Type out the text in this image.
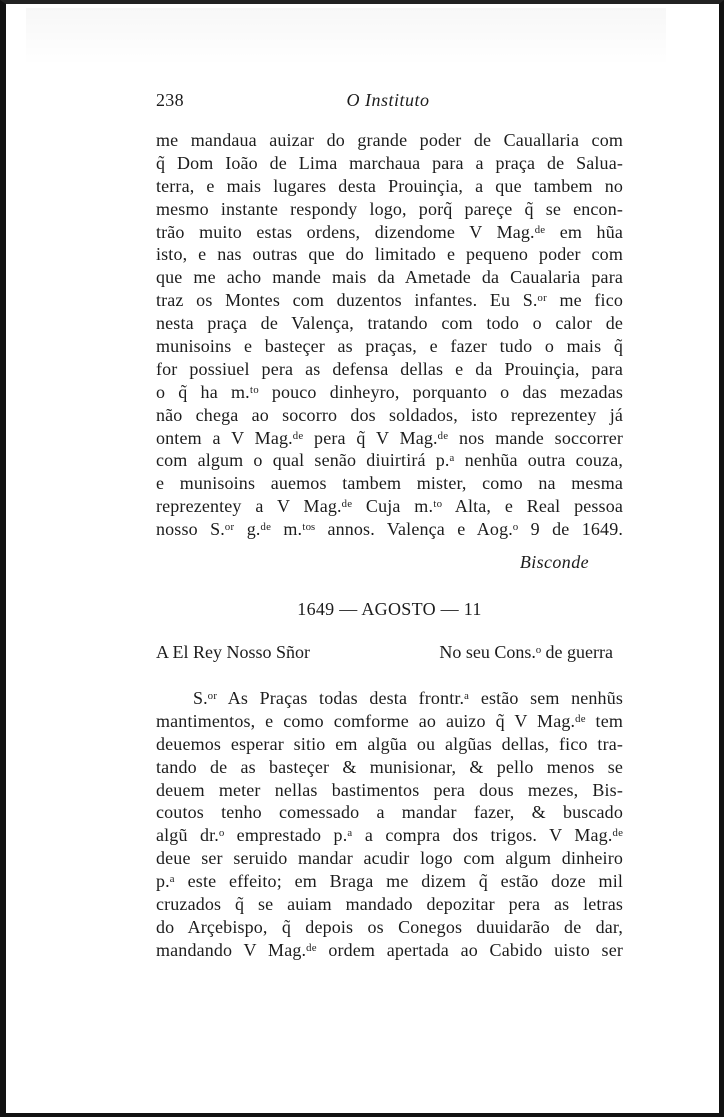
238	O Instituto
me mandaua auizar do grande poder de Cauallaria com
q̃ Dom Ioão de Lima marchaua para a praça de Salua-
terra, e mais lugares desta Prouinçia, a que tambem no
mesmo instante respondy logo, porq̃ pareçe q̃ se encon-
trão muito estas ordens, dizendome V Mag.ᵈᵉ em hũa
isto, e nas outras que do limitado e pequeno poder com
que me acho mande mais da Ametade da Caualaria para
traz os Montes com duzentos infantes. Eu S.ᵒʳ me fico
nesta praça de Valença, tratando com todo o calor de
munisoins e basteçer as praças, e fazer tudo o mais q̃
for possiuel pera as defensa dellas e da Prouinçia, para
o q̃ ha m.ᵗᵒ pouco dinheyro, porquanto o das mezadas
não chega ao socorro dos soldados, isto reprezentey já
ontem a V Mag.ᵈᵉ pera q̃ V Mag.ᵈᵉ nos mande soccorrer
com algum o qual senão diuirtirá p.ᵃ nenhũa outra couza,
e munisoins auemos tambem mister, como na mesma
reprezentey a V Mag.ᵈᵉ Cuja m.ᵗᵒ Alta, e Real pessoa
nosso S.ᵒʳ g.ᵈᵉ m.ᵗᵒˢ annos. Valença e Aog.ᵒ 9 de 1649.
Bisconde
1649 — AGOSTO — 11
A El Rey Nosso Sñor	No seu Cons.ᵒ de guerra
S.ᵒʳ As Praças todas desta frontr.ᵃ estão sem nenhũs
mantimentos, e como comforme ao auizo q̃ V Mag.ᵈᵉ tem
deuemos esperar sitio em algũa ou algũas dellas, fico tra-
tando de as basteçer & munisionar, & pello menos se
deuem meter nellas bastimentos pera dous mezes, Bis-
coutos tenho comessado a mandar fazer, & buscado
algũ dr.ᵒ emprestado p.ᵃ a compra dos trigos. V Mag.ᵈᵉ
deue ser seruido mandar acudir logo com algum dinheiro
p.ᵃ este effeito; em Braga me dizem q̃ estão doze mil
cruzados q̃ se auiam mandado depozitar pera as letras
do Arçebispo, q̃ depois os Conegos duuidarão de dar,
mandando V Mag.ᵈᵉ ordem apertada ao Cabido uisto ser
